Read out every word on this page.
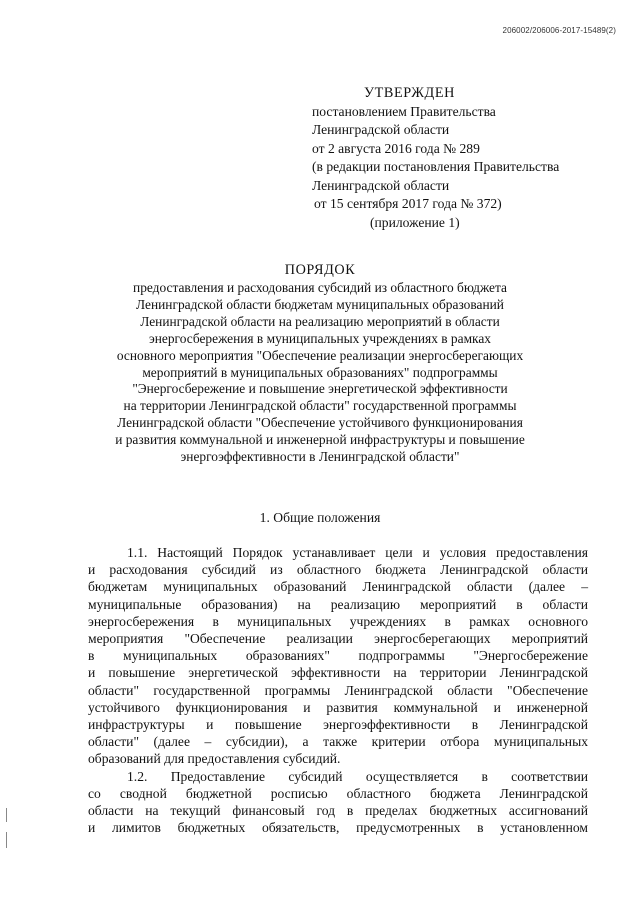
206002/206006-2017-15489(2)
УТВЕРЖДЕН
постановлением Правительства
Ленинградской области
от 2 августа 2016 года № 289
(в редакции постановления Правительства
Ленинградской области
от 15 сентября 2017 года № 372)
(приложение 1)
ПОРЯДОК
предоставления и расходования субсидий из областного бюджета
Ленинградской области бюджетам муниципальных образований
Ленинградской области на реализацию мероприятий в области
энергосбережения в муниципальных учреждениях в рамках
основного мероприятия "Обеспечение реализации энергосберегающих
мероприятий в муниципальных образованиях" подпрограммы
"Энергосбережение и повышение энергетической эффективности
на территории Ленинградской области" государственной программы
Ленинградской области "Обеспечение устойчивого функционирования
и развития коммунальной и инженерной инфраструктуры и повышение
энергоэффективности в Ленинградской области"
1. Общие положения
1.1. Настоящий Порядок устанавливает цели и условия предоставления
и расходования субсидий из областного бюджета Ленинградской области
бюджетам муниципальных образований Ленинградской области (далее –
муниципальные образования) на реализацию мероприятий в области
энергосбережения в муниципальных учреждениях в рамках основного
мероприятия "Обеспечение реализации энергосберегающих мероприятий
в муниципальных образованиях" подпрограммы "Энергосбережение
и повышение энергетической эффективности на территории Ленинградской
области" государственной программы Ленинградской области "Обеспечение
устойчивого функционирования и развития коммунальной и инженерной
инфраструктуры и повышение энергоэффективности в Ленинградской
области" (далее – субсидии), а также критерии отбора муниципальных
образований для предоставления субсидий.
1.2. Предоставление субсидий осуществляется в соответствии
со сводной бюджетной росписью областного бюджета Ленинградской
области на текущий финансовый год в пределах бюджетных ассигнований
и лимитов бюджетных обязательств, предусмотренных в установленном
